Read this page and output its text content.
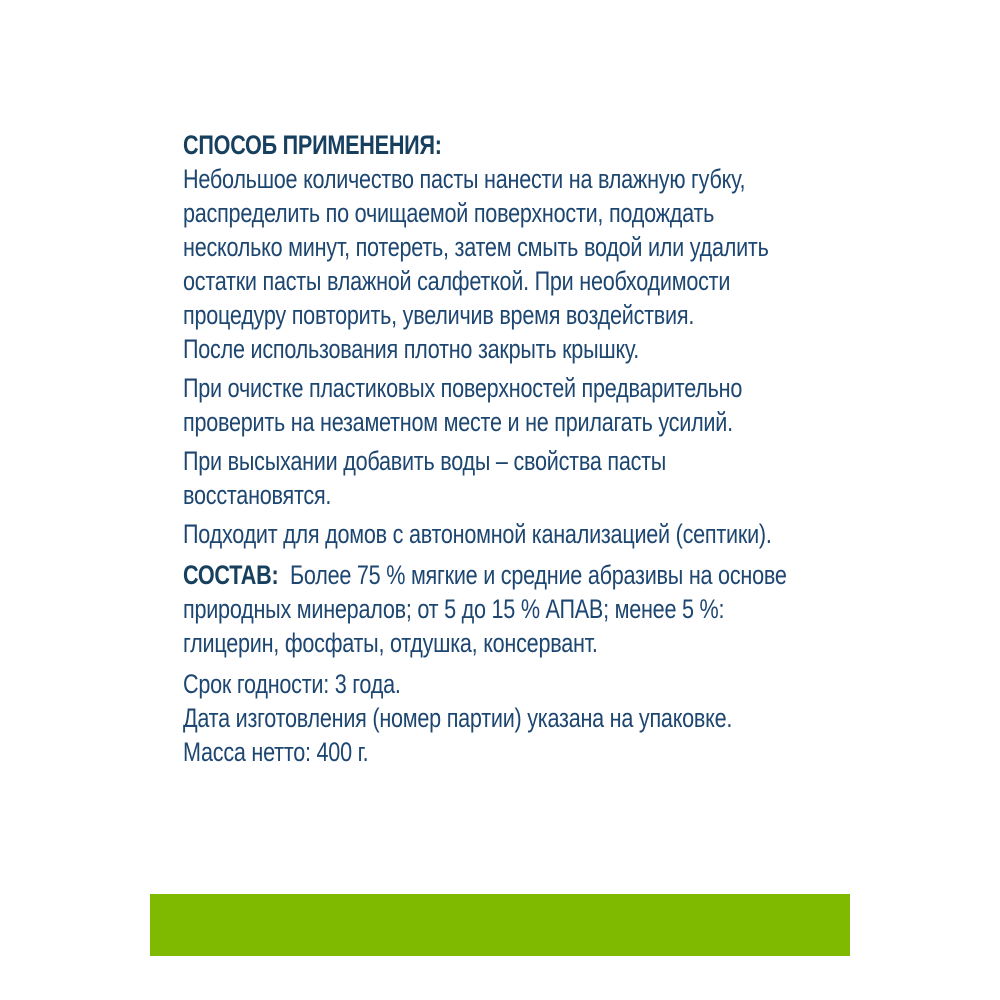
СПОСОБ ПРИМЕНЕНИЯ:
Небольшое количество пасты нанести на влажную губку,
распределить по очищаемой поверхности, подождать
несколько минут, потереть, затем смыть водой или удалить
остатки пасты влажной салфеткой. При необходимости
процедуру повторить, увеличив время воздействия.
После использования плотно закрыть крышку.
При очистке пластиковых поверхностей предварительно
проверить на незаметном месте и не прилагать усилий.
При высыхании добавить воды – свойства пасты
восстановятся.
Подходит для домов с автономной канализацией (септики).
СОСТАВ: Более 75 % мягкие и средние абразивы на основе
природных минералов; от 5 до 15 % АПАВ; менее 5 %:
глицерин, фосфаты, отдушка, консервант.
Срок годности: 3 года.
Дата изготовления (номер партии) указана на упаковке.
Масса нетто: 400 г.
